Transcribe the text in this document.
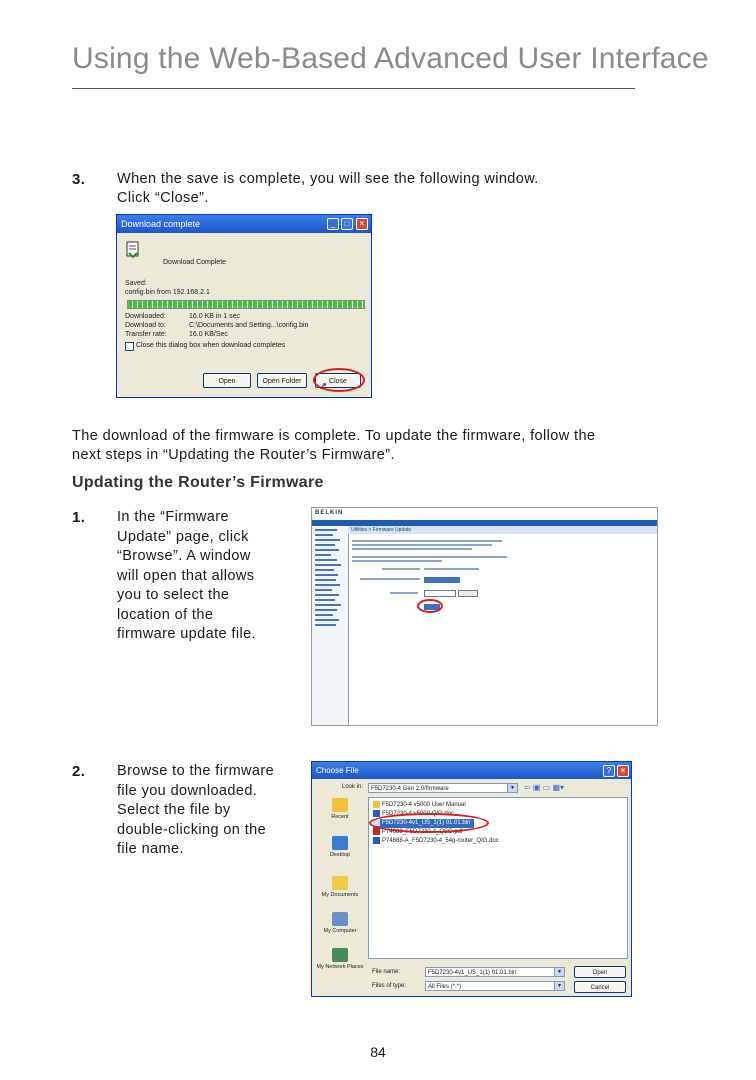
Using the Web-Based Advanced User Interface
3. When the save is complete, you will see the following window.
Click “Close”.
Download complete	_	□	×
Download Complete
Saved:
config.bin from 192.168.2.1
Downloaded:	16.0 KB in 1 sec
Download to:	C:\Documents and Setting...\config.bin
Transfer rate:	16.0 KB/Sec
Close this dialog box when download completes
Open	Open Folder	Close
➚
The download of the firmware is complete. To update the firmware, follow the
next steps in “Updating the Router’s Firmware”.
Updating the Router’s Firmware
1. In the “Firmware
Update” page, click
“Browse”. A window
will open that allows
you to select the
location of the
firmware update file.
BELKIN
Utilities > Firmware Update
2. Browse to the firmware
file you downloaded.
Select the file by
double-clicking on the
file name.
Choose File	?	×
Look in:	F5D7230-4 Gen 2.0/firmware	▼ ⇦ ▣ ▭ ▦▾
Recent
Desktop
My Documents
My Computer
My Network Places
F5D7230-4 v5000 User Manual
F5D7230-4 v5000 QIG.doc
F5D7230-4v1_US_1(1) 01.01.bin
P74688_F5D7230-4_QSG.pdf
P74688-A_F5D7230-4_54g-router_QIG.doc
File name:	F5D7230-4v1_US_1(1) 01.01.bin	▼
Files of type:	All Files (*.*)	▼
Open
Cancel
84
